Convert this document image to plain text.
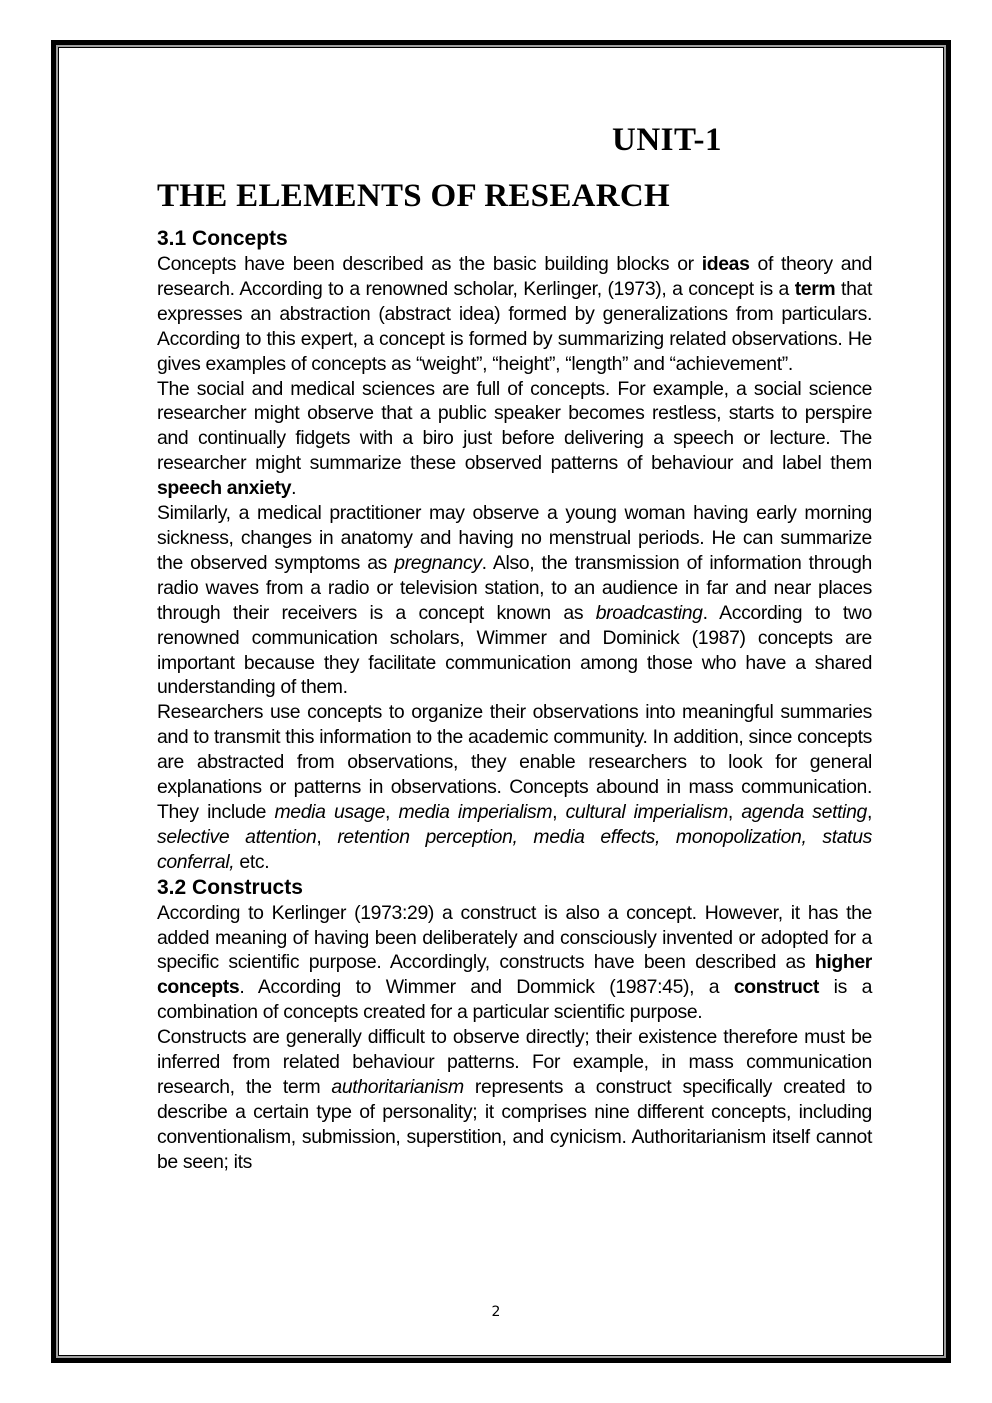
UNIT-1
THE ELEMENTS OF RESEARCH
3.1 Concepts

Concepts have been described as the basic building blocks or ideas of theory and research. According to a renowned scholar, Kerlinger, (1973), a concept is a term that expresses an abstraction (abstract idea) formed by generalizations from particulars. According to this expert, a concept is formed by summarizing related observations. He gives examples of concepts as “weight”, “height”, “length” and “achievement”.

The social and medical sciences are full of concepts. For example, a social science researcher might observe that a public speaker becomes restless, starts to perspire and continually fidgets with a biro just before delivering a speech or lecture. The researcher might summarize these observed patterns of behaviour and label them speech anxiety.

Similarly, a medical practitioner may observe a young woman having early morning sickness, changes in anatomy and having no menstrual periods. He can summarize the observed symptoms as pregnancy. Also, the transmission of information through radio waves from a radio or television station, to an audience in far and near places through their receivers is a concept known as broadcasting. According to two renowned communication scholars, Wimmer and Dominick (1987) concepts are important because they facilitate communication among those who have a shared understanding of them.

Researchers use concepts to organize their observations into meaningful summaries and to transmit this information to the academic community. In addition, since concepts are abstracted from observations, they enable researchers to look for general explanations or patterns in observations. Concepts abound in mass communication. They include media usage, media imperialism, cultural imperialism, agenda setting, selective attention, retention perception, media effects, monopolization, status conferral, etc.

3.2 Constructs

According to Kerlinger (1973:29) a construct is also a concept. However, it has the added meaning of having been deliberately and consciously invented or adopted for a specific scientific purpose. Accordingly, constructs have been described as higher concepts. According to Wimmer and Dommick (1987:45), a construct is a combination of concepts created for a particular scientific purpose.

Constructs are generally difficult to observe directly; their existence therefore must be inferred from related behaviour patterns. For example, in mass communication research, the term authoritarianism represents a construct specifically created to describe a certain type of personality; it comprises nine different concepts, including conventionalism, submission, superstition, and cynicism. Authoritarianism itself cannot be seen; its

2
